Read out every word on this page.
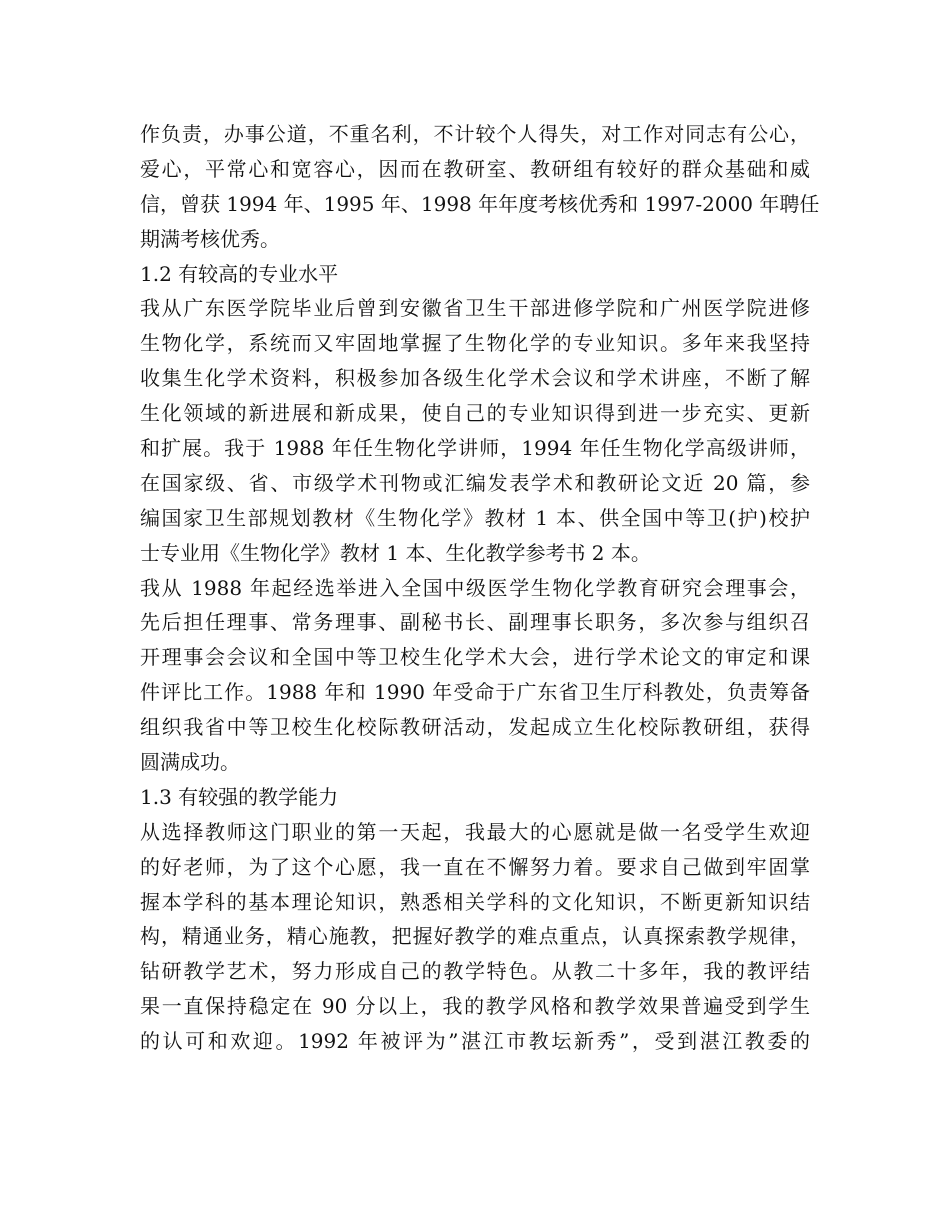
作负责，办事公道，不重名利，不计较个人得失，对工作对同志有公心，
爱心，平常心和宽容心，因而在教研室、教研组有较好的群众基础和威
信，曾获 1994 年、1995 年、1998 年年度考核优秀和 1997-2000 年聘任
期满考核优秀。
1.2 有较高的专业水平
我从广东医学院毕业后曾到安徽省卫生干部进修学院和广州医学院进修
生物化学，系统而又牢固地掌握了生物化学的专业知识。多年来我坚持
收集生化学术资料，积极参加各级生化学术会议和学术讲座，不断了解
生化领域的新进展和新成果，使自己的专业知识得到进一步充实、更新
和扩展。我于 1988 年任生物化学讲师，1994 年任生物化学高级讲师，
在国家级、省、市级学术刊物或汇编发表学术和教研论文近 20 篇，参
编国家卫生部规划教材《生物化学》教材 1 本、供全国中等卫(护)校护
士专业用《生物化学》教材 1 本、生化教学参考书 2 本。
我从 1988 年起经选举进入全国中级医学生物化学教育研究会理事会，
先后担任理事、常务理事、副秘书长、副理事长职务，多次参与组织召
开理事会会议和全国中等卫校生化学术大会，进行学术论文的审定和课
件评比工作。1988 年和 1990 年受命于广东省卫生厅科教处，负责筹备
组织我省中等卫校生化校际教研活动，发起成立生化校际教研组，获得
圆满成功。
1.3 有较强的教学能力
从选择教师这门职业的第一天起，我最大的心愿就是做一名受学生欢迎
的好老师，为了这个心愿，我一直在不懈努力着。要求自己做到牢固掌
握本学科的基本理论知识，熟悉相关学科的文化知识，不断更新知识结
构，精通业务，精心施教，把握好教学的难点重点，认真探索教学规律，
钻研教学艺术，努力形成自己的教学特色。从教二十多年，我的教评结
果一直保持稳定在 90 分以上，我的教学风格和教学效果普遍受到学生
的认可和欢迎。1992 年被评为”湛江市教坛新秀”，受到湛江教委的
